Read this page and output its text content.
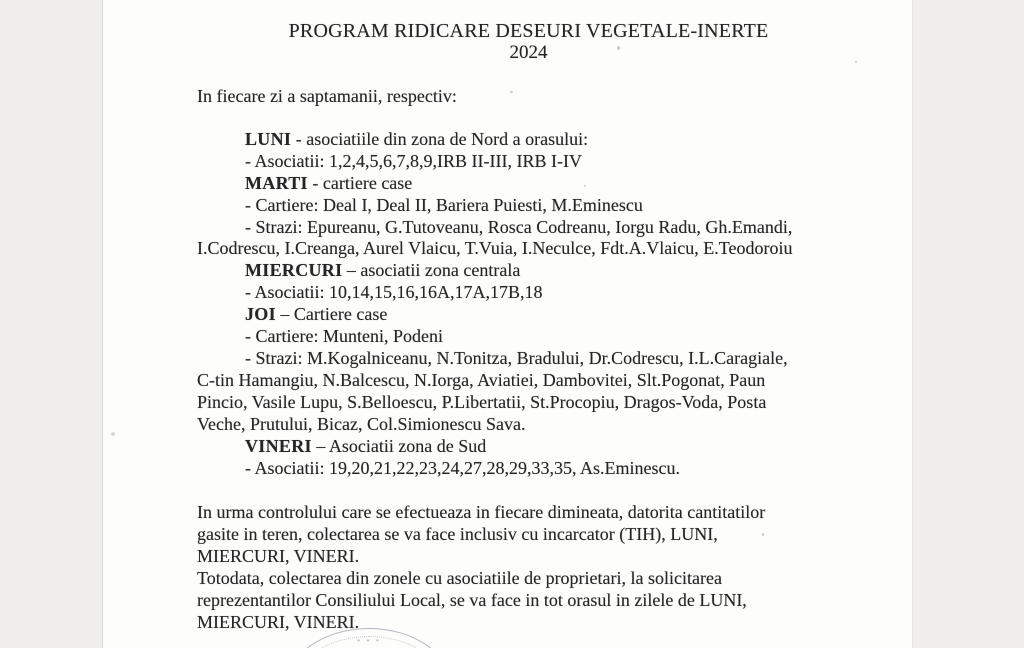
PROGRAM RIDICARE DESEURI VEGETALE-INERTE
2024
In fiecare zi a saptamanii, respectiv:
LUNI - asociatiile din zona de Nord a orasului:
- Asociatii: 1,2,4,5,6,7,8,9,IRB II-III, IRB I-IV
MARTI - cartiere case
- Cartiere: Deal I, Deal II, Bariera Puiesti, M.Eminescu
- Strazi: Epureanu, G.Tutoveanu, Rosca Codreanu, Iorgu Radu, Gh.Emandi,
I.Codrescu, I.Creanga, Aurel Vlaicu, T.Vuia, I.Neculce, Fdt.A.Vlaicu, E.Teodoroiu
MIERCURI – asociatii zona centrala
- Asociatii: 10,14,15,16,16A,17A,17B,18
JOI – Cartiere case
- Cartiere: Munteni, Podeni
- Strazi: M.Kogalniceanu, N.Tonitza, Bradului, Dr.Codrescu, I.L.Caragiale,
C-tin Hamangiu, N.Balcescu, N.Iorga, Aviatiei, Dambovitei, Slt.Pogonat, Paun
Pincio, Vasile Lupu, S.Belloescu, P.Libertatii, St.Procopiu, Dragos-Voda, Posta
Veche, Prutului, Bicaz, Col.Simionescu Sava.
VINERI – Asociatii zona de Sud
- Asociatii: 19,20,21,22,23,24,27,28,29,33,35, As.Eminescu.
In urma controlului care se efectueaza in fiecare dimineata, datorita cantitatilor
gasite in teren, colectarea se va face inclusiv cu incarcator (TIH), LUNI,
MIERCURI, VINERI.
Totodata, colectarea din zonele cu asociatiile de proprietari, la solicitarea
reprezentantilor Consiliului Local, se va face in tot orasul in zilele de LUNI,
MIERCURI, VINERI.
* * *
